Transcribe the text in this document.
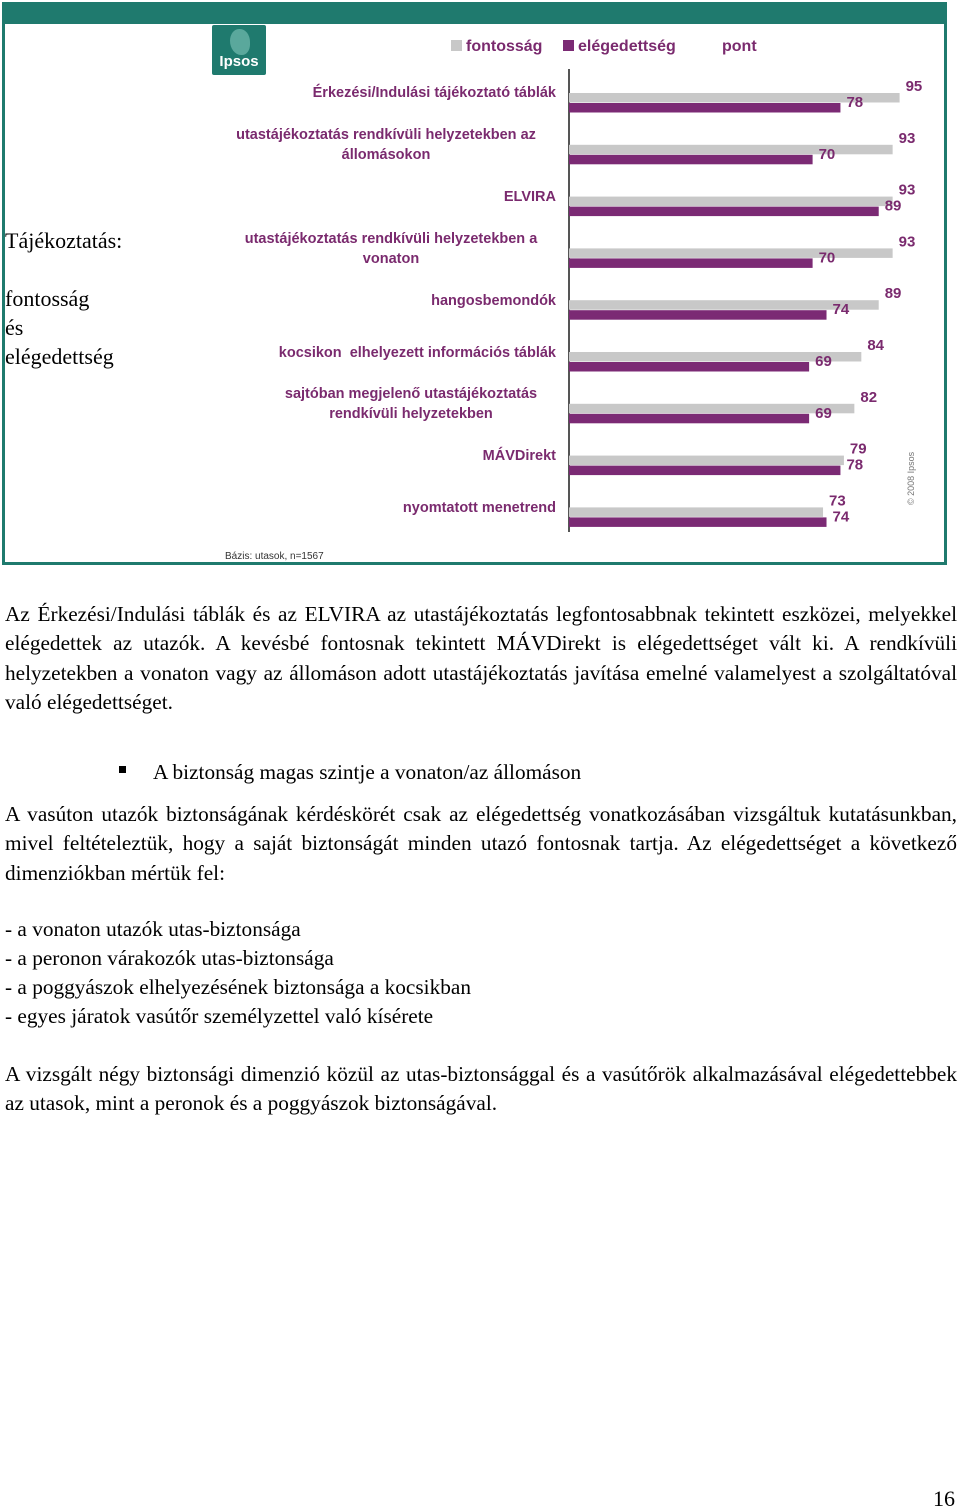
Ipsos
Tájékoztatás:
fontosság
és
elégedettség
fontosság	elégedettség	pont
Érkezési/Indulási tájékoztató táblák
utastájékoztatás rendkívüli helyzetekben az állomásokon
ELVIRA
utastájékoztatás rendkívüli helyzetekben a vonaton
hangosbemondók
kocsikon  elhelyezett információs táblák
sajtóban megjelenő utastájékoztatás rendkívüli helyzetekben
MÁVDirekt
nyomtatott menetrend
95
78
93
70
93
89
93
70
89
74
84
69
82
69
79
78
73
74
Bázis: utasok, n=1567
© 2008 Ipsos
Az Érkezési/Indulási táblák és az ELVIRA az utastájékoztatás legfontosabbnak tekintett eszközei, melyekkel elégedettek az utazók. A kevésbé fontosnak tekintett MÁVDirekt is elégedettséget vált ki. A rendkívüli helyzetekben a vonaton vagy az állomáson adott utastájékoztatás javítása emelné valamelyest a szolgáltatóval való elégedettséget.
A biztonság magas szintje a vonaton/az állomáson
A vasúton utazók biztonságának kérdéskörét csak az elégedettség vonatkozásában vizsgáltuk kutatásunkban, mivel feltételeztük, hogy a saját biztonságát minden utazó fontosnak tartja. Az elégedettséget a következő dimenziókban mértük fel:
- a vonaton utazók utas-biztonsága
- a peronon várakozók utas-biztonsága
- a poggyászok elhelyezésének biztonsága a kocsikban
- egyes járatok vasútőr személyzettel való kísérete
A vizsgált négy biztonsági dimenzió közül az utas-biztonsággal és a vasútőrök alkalmazásával elégedettebbek az utasok, mint a peronok és a poggyászok biztonságával.
16
